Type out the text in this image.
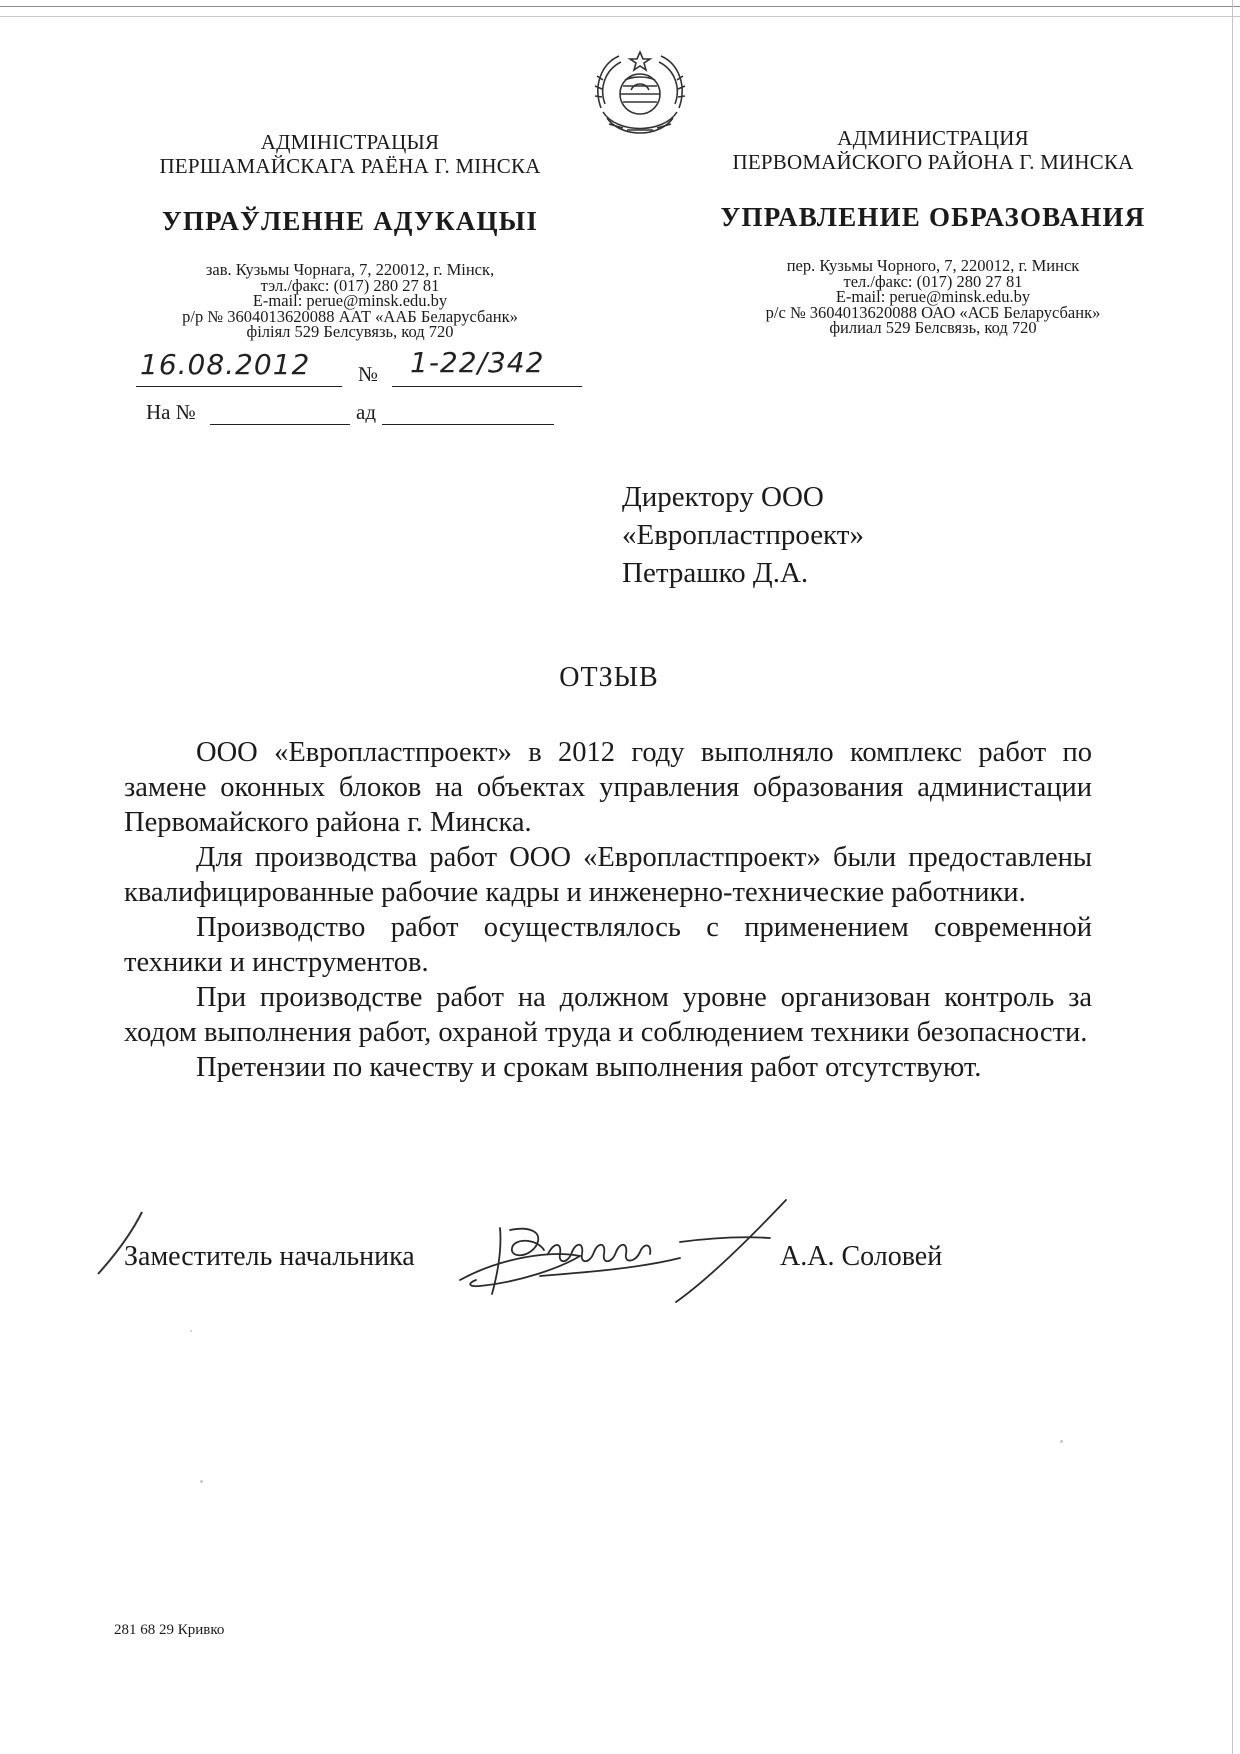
АДМІНІСТРАЦЫЯ
ПЕРШАМАЙСКАГА РАЁНА Г. МІНСКА
УПРАЎЛЕННЕ АДУКАЦЫІ
зав. Кузьмы Чорнага, 7, 220012, г. Мінск,
тэл./факс: (017) 280 27 81
E-mail: perue@minsk.edu.by
р/р № 3604013620088 ААТ «ААБ Беларусбанк»
філіял 529 Белсувязь, код 720
АДМИНИСТРАЦИЯ
ПЕРВОМАЙСКОГО РАЙОНА Г. МИНСКА
УПРАВЛЕНИЕ ОБРАЗОВАНИЯ
пер. Кузьмы Чорного, 7, 220012, г. Минск
тел./факс: (017) 280 27 81
E-mail: perue@minsk.edu.by
р/с № 3604013620088 ОАО «АСБ Беларусбанк»
филиал 529 Белсвязь, код 720
16.08.2012 № 1-22/342
На №	ад
Директору ООО
«Европластпроект»
Петрашко Д.А.
ОТЗЫВ

ООО «Европластпроект» в 2012 году выполняло комплекс работ по замене оконных блоков на объектах управления образования администации Первомайского района г. Минска.

Для производства работ ООО «Европластпроект» были предоставлены квалифицированные рабочие кадры и инженерно-технические работники.

Производство работ осуществлялось с применением современной техники и инструментов.

При производстве работ на должном уровне организован контроль за ходом выполнения работ, охраной труда и соблюдением техники безопасности.

Претензии по качеству и срокам выполнения работ отсутствуют.

Заместитель начальника	А.А. Соловей
281 68 29 Кривко
